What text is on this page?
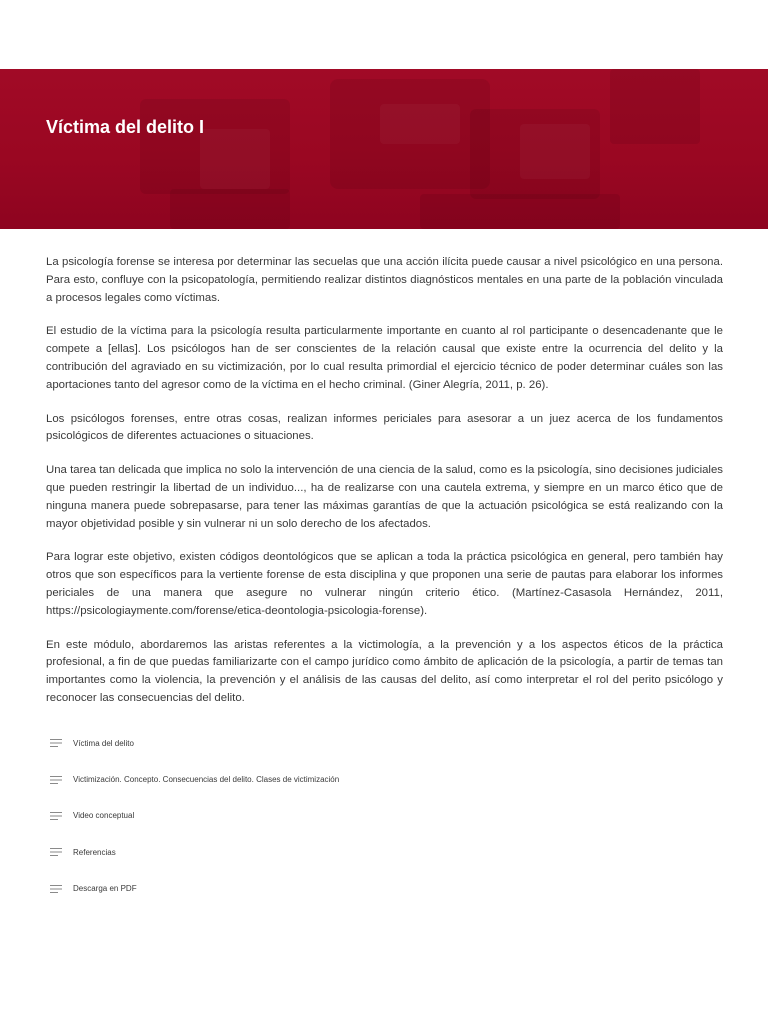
Víctima del delito I

La psicología forense se interesa por determinar las secuelas que una acción ilícita puede causar a nivel psicológico en una persona. Para esto, confluye con la psicopatología, permitiendo realizar distintos diagnósticos mentales en una parte de la población vinculada a procesos legales como víctimas.

El estudio de la víctima para la psicología resulta particularmente importante en cuanto al rol participante o desencadenante que le compete a [ellas]. Los psicólogos han de ser conscientes de la relación causal que existe entre la ocurrencia del delito y la contribución del agraviado en su victimización, por lo cual resulta primordial el ejercicio técnico de poder determinar cuáles son las aportaciones tanto del agresor como de la víctima en el hecho criminal. (Giner Alegría, 2011, p. 26).

Los psicólogos forenses, entre otras cosas, realizan informes periciales para asesorar a un juez acerca de los fundamentos psicológicos de diferentes actuaciones o situaciones.

Una tarea tan delicada que implica no solo la intervención de una ciencia de la salud, como es la psicología, sino decisiones judiciales que pueden restringir la libertad de un individuo..., ha de realizarse con una cautela extrema, y siempre en un marco ético que de ninguna manera puede sobrepasarse, para tener las máximas garantías de que la actuación psicológica se está realizando con la mayor objetividad posible y sin vulnerar ni un solo derecho de los afectados.

Para lograr este objetivo, existen códigos deontológicos que se aplican a toda la práctica psicológica en general, pero también hay otros que son específicos para la vertiente forense de esta disciplina y que proponen una serie de pautas para elaborar los informes periciales de una manera que asegure no vulnerar ningún criterio ético. (Martínez-Casasola Hernández, 2011, https://psicologiaymente.com/forense/etica-deontologia-psicologia-forense).

En este módulo, abordaremos las aristas referentes a la victimología, a la prevención y a los aspectos éticos de la práctica profesional, a fin de que puedas familiarizarte con el campo jurídico como ámbito de aplicación de la psicología, a partir de temas tan importantes como la violencia, la prevención y el análisis de las causas del delito, así como interpretar el rol del perito psicólogo y reconocer las consecuencias del delito.

Víctima del delito
Victimización. Concepto. Consecuencias del delito. Clases de victimización
Video conceptual
Referencias
Descarga en PDF
